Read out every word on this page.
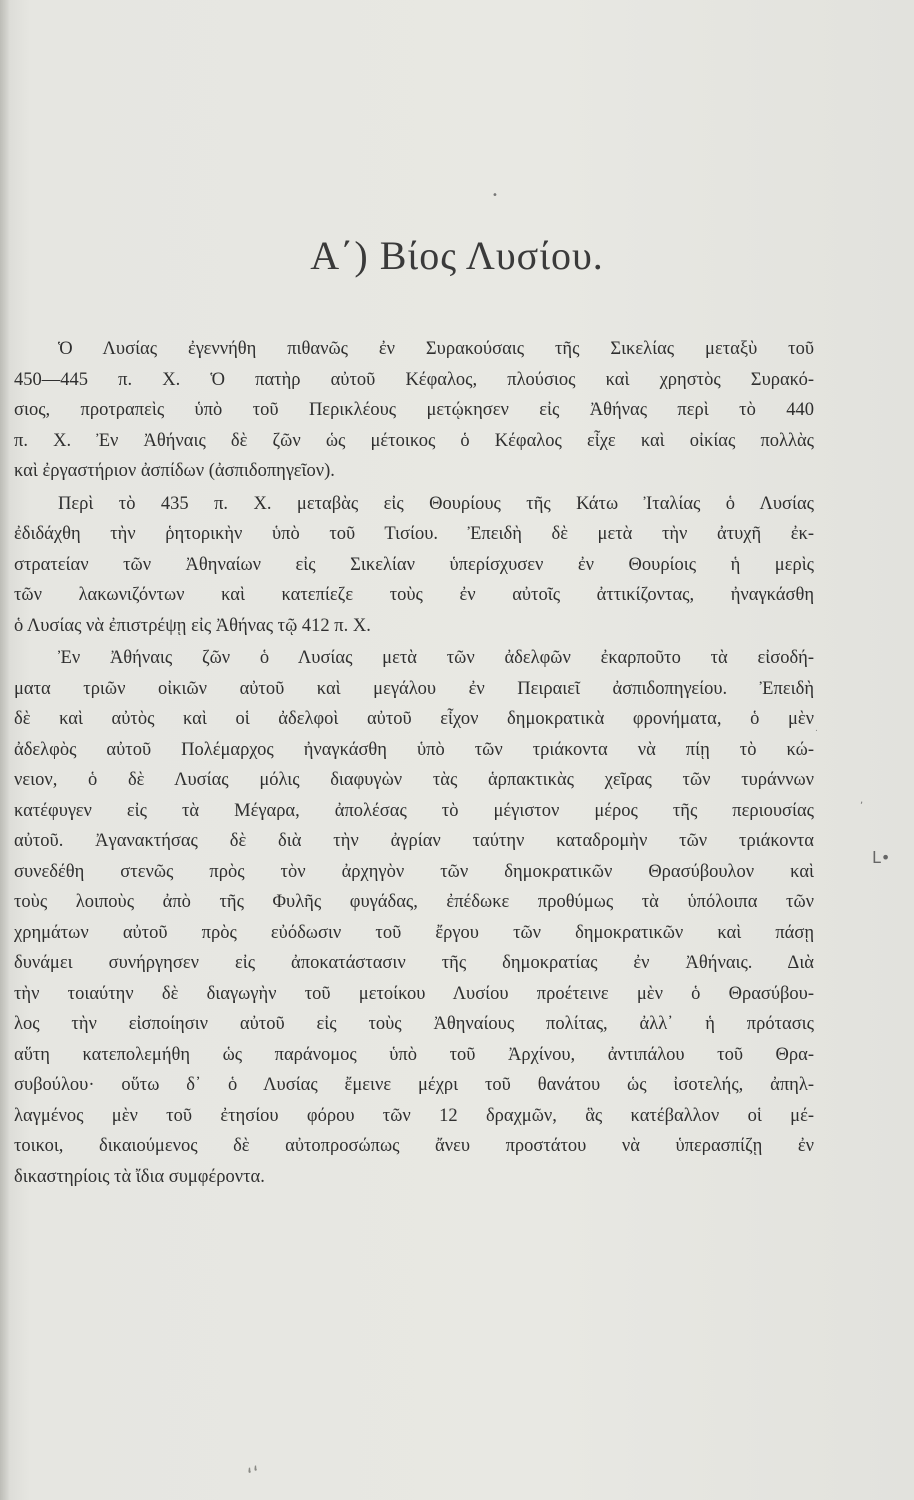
Α΄) Βίος Λυσίου.
Ὁ Λυσίας ἐγεννήθη πιθανῶς ἐν Συρακούσαις τῆς Σικελίας μεταξὺ τοῦ
450—445 π. Χ. Ὁ πατὴρ αὐτοῦ Κέφαλος, πλούσιος καὶ χρηστὸς Συρακό-
σιος, προτραπεὶς ὑπὸ τοῦ Περικλέους μετῴκησεν εἰς Ἀθήνας περὶ τὸ 440
π. Χ. Ἐν Ἀθήναις δὲ ζῶν ὡς μέτοικος ὁ Κέφαλος εἶχε καὶ οἰκίας πολλὰς
καὶ ἐργαστήριον ἀσπίδων (ἀσπιδοπηγεῖον).
Περὶ τὸ 435 π. Χ. μεταβὰς εἰς Θουρίους τῆς Κάτω Ἰταλίας ὁ Λυσίας
ἐδιδάχθη τὴν ῥητορικὴν ὑπὸ τοῦ Τισίου. Ἐπειδὴ δὲ μετὰ τὴν ἀτυχῆ ἐκ-
στρατείαν τῶν Ἀθηναίων εἰς Σικελίαν ὑπερίσχυσεν ἐν Θουρίοις ἡ μερὶς
τῶν λακωνιζόντων καὶ κατεπίεζε τοὺς ἐν αὐτοῖς ἀττικίζοντας, ἠναγκάσθη
ὁ Λυσίας νὰ ἐπιστρέψῃ εἰς Ἀθήνας τῷ 412 π. Χ.
Ἐν Ἀθήναις ζῶν ὁ Λυσίας μετὰ τῶν ἀδελφῶν ἐκαρποῦτο τὰ εἰσοδή-
ματα τριῶν οἰκιῶν αὐτοῦ καὶ μεγάλου ἐν Πειραιεῖ ἀσπιδοπηγείου. Ἐπειδὴ
δὲ καὶ αὐτὸς καὶ οἱ ἀδελφοὶ αὐτοῦ εἶχον δημοκρατικὰ φρονήματα, ὁ μὲν
ἀδελφὸς αὐτοῦ Πολέμαρχος ἠναγκάσθη ὑπὸ τῶν τριάκοντα νὰ πίῃ τὸ κώ-
νειον, ὁ δὲ Λυσίας μόλις διαφυγὼν τὰς ἁρπακτικὰς χεῖρας τῶν τυράννων
κατέφυγεν εἰς τὰ Μέγαρα, ἀπολέσας τὸ μέγιστον μέρος τῆς περιουσίας
αὐτοῦ. Ἀγανακτήσας δὲ διὰ τὴν ἀγρίαν ταύτην καταδρομὴν τῶν τριάκοντα
συνεδέθη στενῶς πρὸς τὸν ἀρχηγὸν τῶν δημοκρατικῶν Θρασύβουλον καὶ
τοὺς λοιποὺς ἀπὸ τῆς Φυλῆς φυγάδας, ἐπέδωκε προθύμως τὰ ὑπόλοιπα τῶν
χρημάτων αὐτοῦ πρὸς εὐόδωσιν τοῦ ἔργου τῶν δημοκρατικῶν καὶ πάσῃ
δυνάμει συνήργησεν εἰς ἀποκατάστασιν τῆς δημοκρατίας ἐν Ἀθήναις. Διὰ
τὴν τοιαύτην δὲ διαγωγὴν τοῦ μετοίκου Λυσίου προέτεινε μὲν ὁ Θρασύβου-
λος τὴν εἰσποίησιν αὐτοῦ εἰς τοὺς Ἀθηναίους πολίτας, ἀλλ᾿ ἡ πρότασις
αὕτη κατεπολεμήθη ὡς παράνομος ὑπὸ τοῦ Ἀρχίνου, ἀντιπάλου τοῦ Θρα-
συβούλου· οὕτω δ᾿ ὁ Λυσίας ἔμεινε μέχρι τοῦ θανάτου ὡς ἰσοτελής, ἀπηλ-
λαγμένος μὲν τοῦ ἐτησίου φόρου τῶν 12 δραχμῶν, ἃς κατέβαλλον οἱ μέ-
τοικοι, δικαιούμενος δὲ αὐτοπροσώπως ἄνευ προστάτου νὰ ὑπερασπίζῃ ἐν
δικαστηρίοις τὰ ἴδια συμφέροντα.
•
,
.
ᒪ•
ʻʻ
